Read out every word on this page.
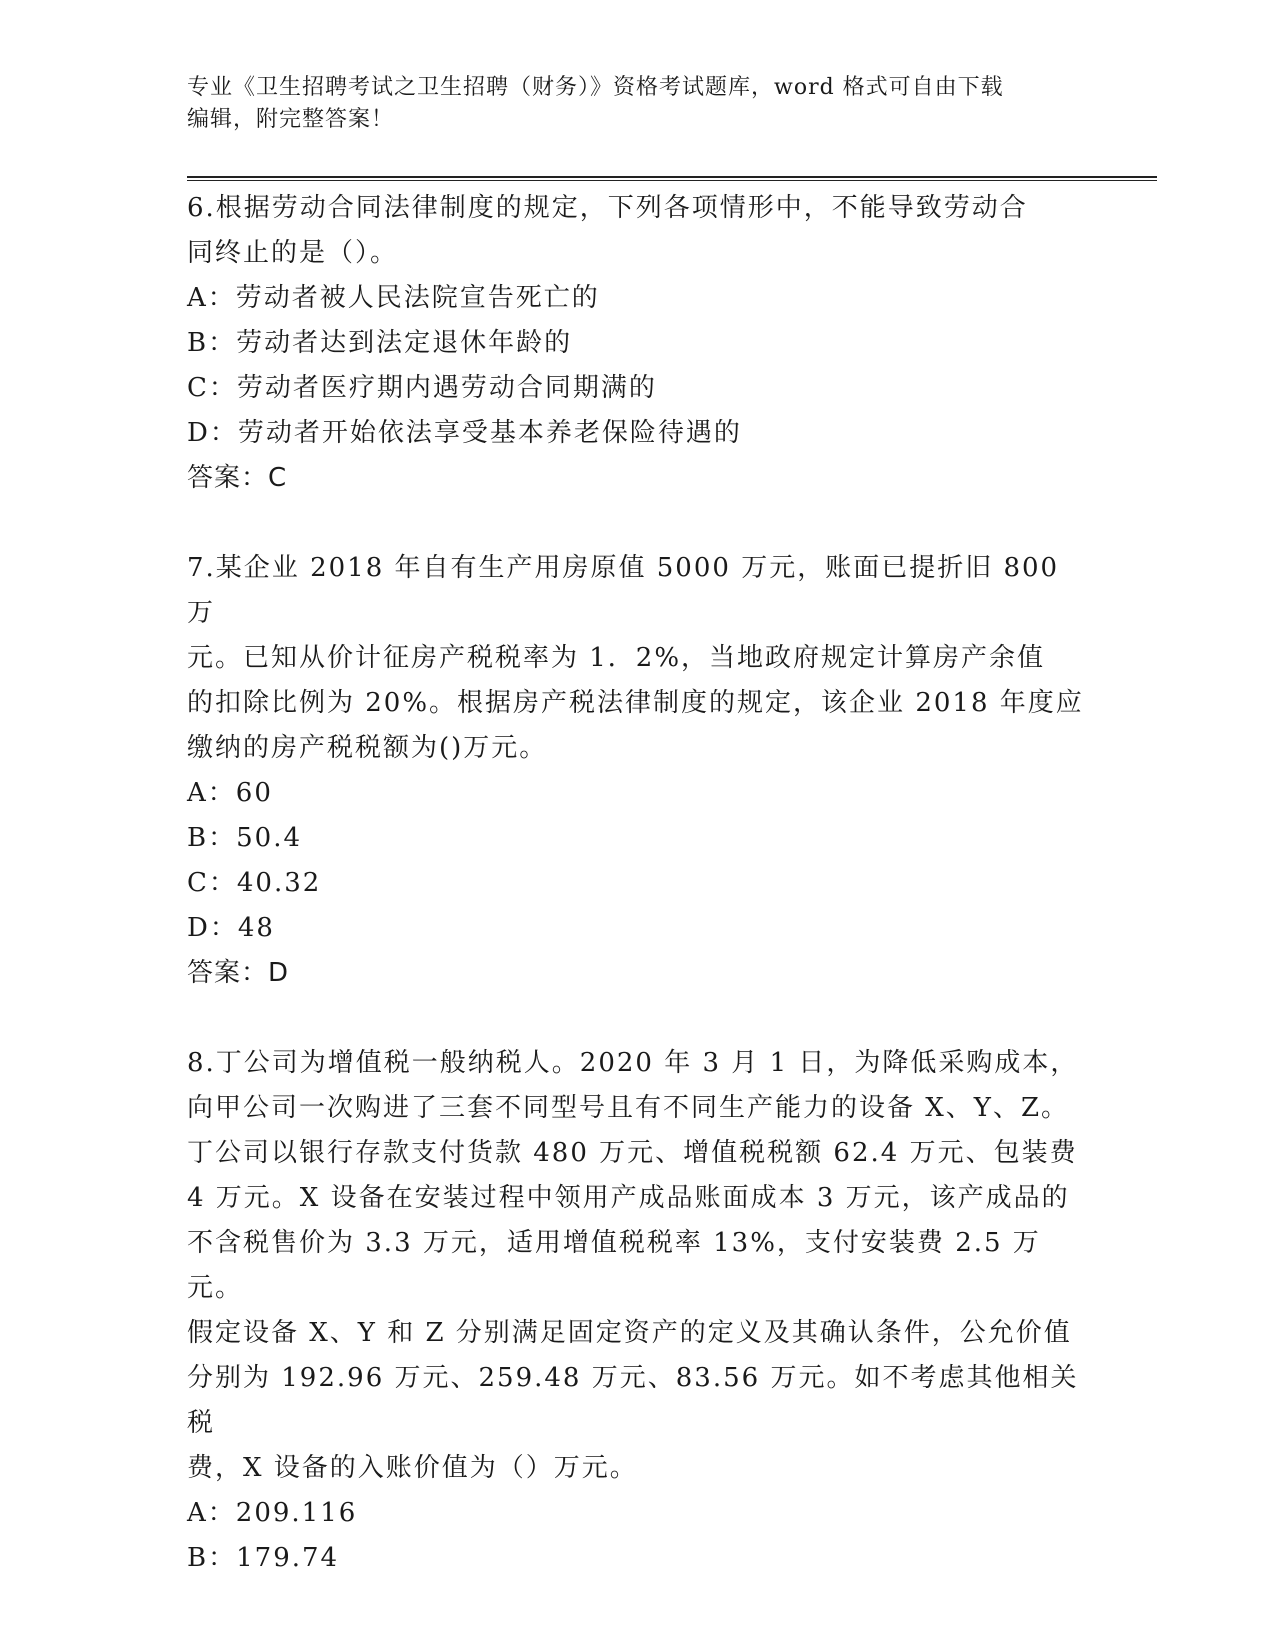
专业《卫生招聘考试之卫生招聘（财务）》资格考试题库，word 格式可自由下载
编辑，附完整答案！

6.根据劳动合同法律制度的规定，下列各项情形中，不能导致劳动合

同终止的是（）。

A：劳动者被人民法院宣告死亡的

B：劳动者达到法定退休年龄的

C：劳动者医疗期内遇劳动合同期满的

D：劳动者开始依法享受基本养老保险待遇的

答案：C

7.某企业 2018 年自有生产用房原值 5000 万元，账面已提折旧 800 万

元。已知从价计征房产税税率为 1．2%，当地政府规定计算房产余值

的扣除比例为 20%。根据房产税法律制度的规定，该企业 2018 年度应

缴纳的房产税税额为()万元。

A：60

B：50.4

C：40.32

D：48

答案：D

8.丁公司为增值税一般纳税人。2020 年 3 月 1 日，为降低采购成本，

向甲公司一次购进了三套不同型号且有不同生产能力的设备 X、Y、Z。

丁公司以银行存款支付货款 480 万元、增值税税额 62.4 万元、包装费

4 万元。X 设备在安装过程中领用产成品账面成本 3 万元，该产成品的

不含税售价为 3.3 万元，适用增值税税率 13%，支付安装费 2.5 万元。

假定设备 X、Y 和 Z 分别满足固定资产的定义及其确认条件，公允价值

分别为 192.96 万元、259.48 万元、83.56 万元。如不考虑其他相关税

费，X 设备的入账价值为（）万元。

A：209.116

B：179.74
